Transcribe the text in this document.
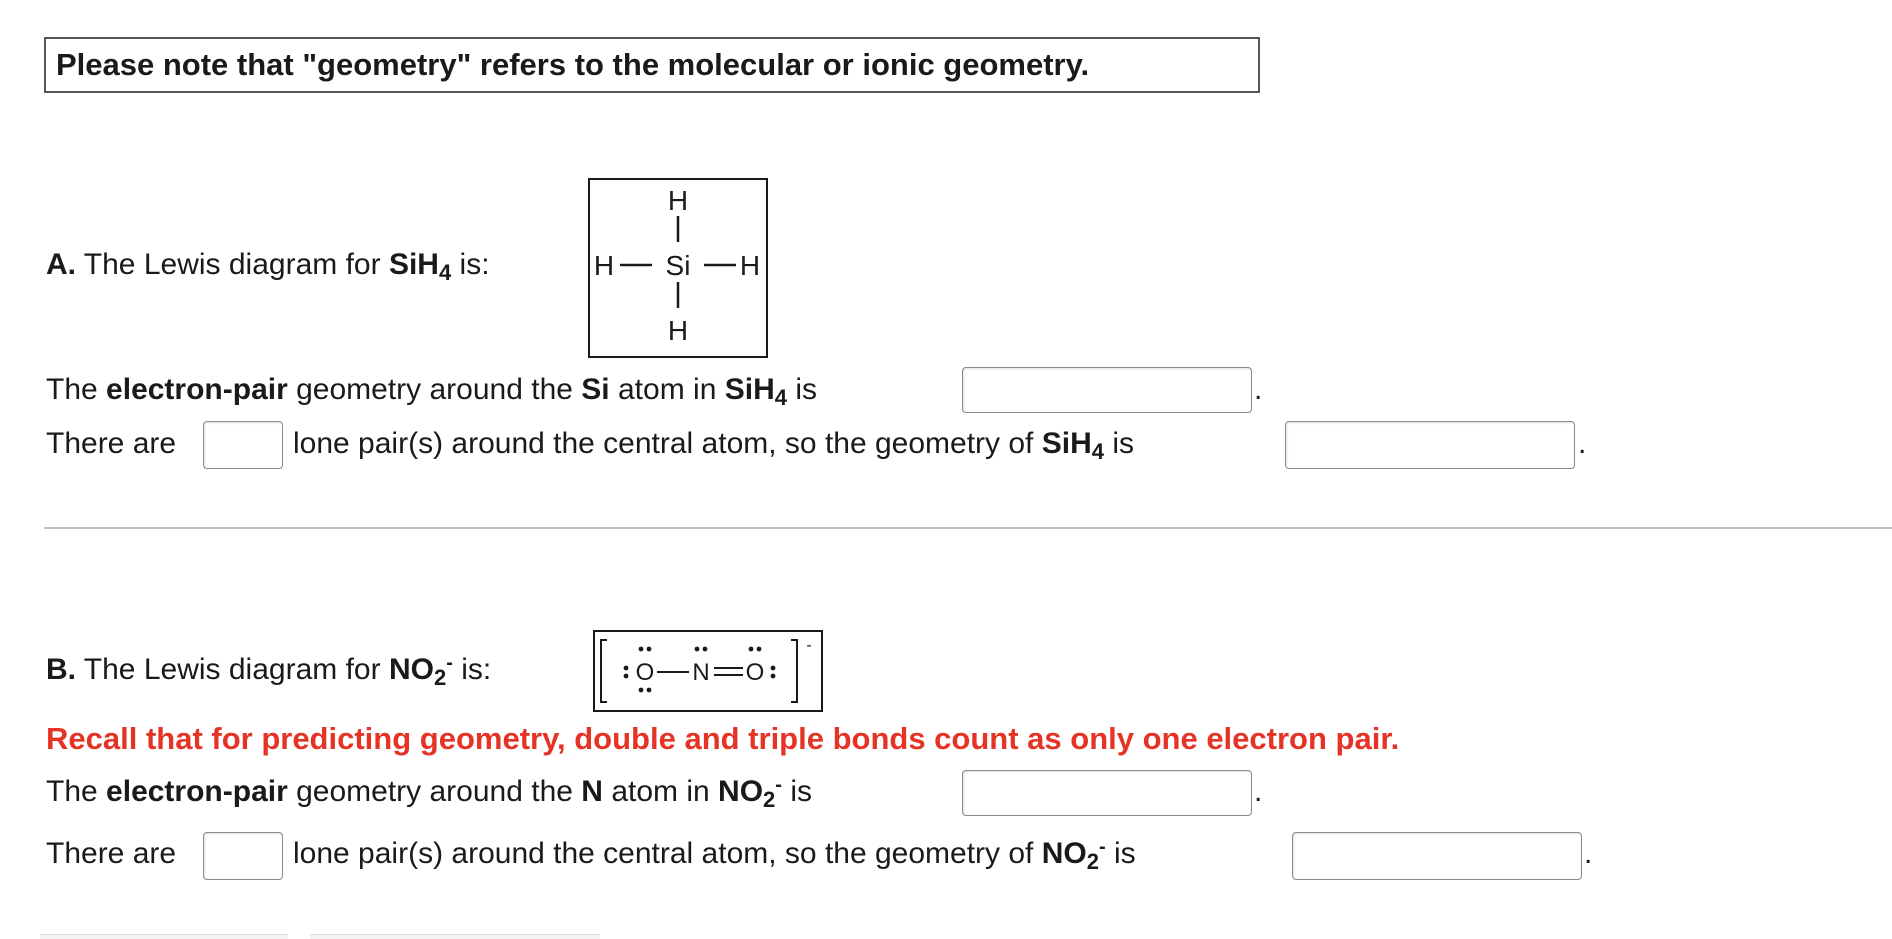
Please note that "geometry" refers to the molecular or ionic geometry.
A. The Lewis diagram for SiH$_4$ is:
H
H
H	H
Si
The electron-pair geometry around the Si atom in SiH$_4$ is	.
There are	lone pair(s) around the central atom, so the geometry of SiH$_4$ is	.
B. The Lewis diagram for $NO_2^-$ is:	O N O
-
Recall that for predicting geometry, double and triple bonds count as only one electron pair.
The electron-pair geometry around the N atom in $NO_2^-$ is	.
There are	lone pair(s) around the central atom, so the geometry of $NO_2^-$ is	.
